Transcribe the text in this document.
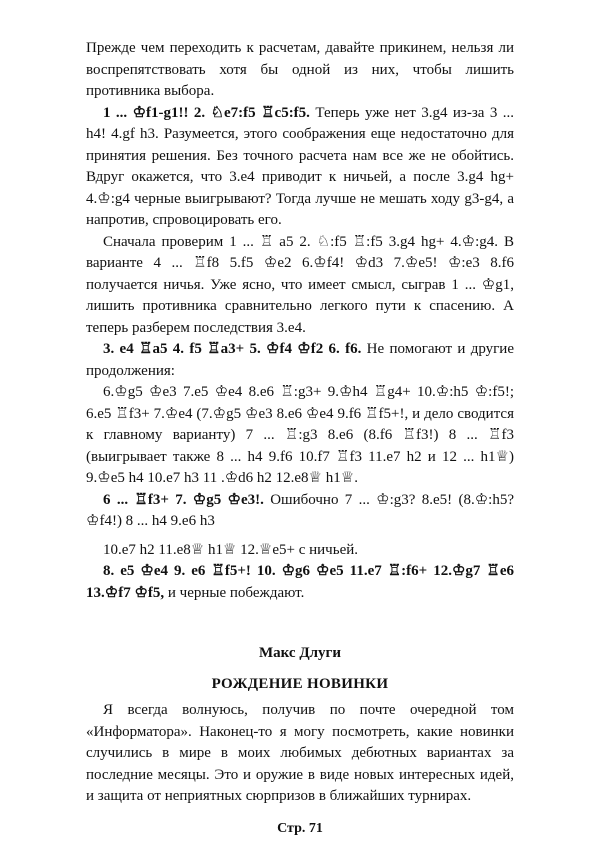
Прежде чем переходить к расчетам, давайте прикинем, нельзя ли воспрепятствовать хотя бы одной из них, чтобы лишить противника выбора.

1 ... ♔f1-g1!! 2. ♘e7:f5 ♖c5:f5. Теперь уже нет 3.g4 из-за 3 ... h4! 4.gf h3. Разумеется, этого соображения еще недостаточно для принятия решения. Без точного расчета нам все же не обойтись. Вдруг окажется, что 3.е4 приводит к ничьей, а после 3.g4 hg+ 4.♔:g4 черные выигрывают? Тогда лучше не мешать ходу g3-g4, а напротив, спровоцировать его.

Сначала проверим 1 ... ♖ a5 2. ♘:f5 ♖:f5 3.g4 hg+ 4.♔:g4. В варианте 4 ... ♖f8 5.f5 ♔e2 6.♔f4! ♔d3 7.♔e5! ♔:e3 8.f6 получается ничья. Уже ясно, что имеет смысл, сыграв 1 ... ♔g1, лишить противника сравнительно легкого пути к спасению. А теперь разберем последствия 3.е4.

3. e4 ♖a5 4. f5 ♖a3+ 5. ♔f4 ♔f2 6. f6. Не помогают и другие продолжения:

6.♔g5 ♔e3 7.e5 ♔e4 8.e6 ♖:g3+ 9.♔h4 ♖g4+ 10.♔:h5 ♔:f5!; 6.e5 ♖f3+ 7.♔e4 (7.♔g5 ♔e3 8.e6 ♔e4 9.f6 ♖f5+!, и дело сводится к главному варианту) 7 ... ♖:g3 8.e6 (8.f6 ♖f3!) 8 ... ♖f3 (выигрывает также 8 ... h4 9.f6 10.f7 ♖f3 11.e7 h2 и 12 ... h1♕) 9.♔e5 h4 10.e7 h3 11 .♔d6 h2 12.e8♕ h1♕.

6 ... ♖f3+ 7. ♔g5 ♔e3!. Ошибочно 7 ... ♔:g3? 8.e5! (8.♔:h5? ♔f4!) 8 ... h4 9.e6 h3

10.e7 h2 11.e8♕ h1♕ 12.♕e5+ с ничьей.

8. e5 ♔e4 9. e6 ♖f5+! 10. ♔g6 ♔e5 11.e7 ♖:f6+ 12.♔g7 ♖e6 13.♔f7 ♔f5, и черные побеждают.

Макс Длуги
РОЖДЕНИЕ НОВИНКИ
Я всегда волнуюсь, получив по почте очередной том «Информатора». Наконец-то я могу посмотреть, какие новинки случились в мире в моих любимых дебютных вариантах за последние месяцы. Это и оружие в виде новых интересных идей, и защита от неприятных сюрпризов в ближайших турнирах.
Стр. 71
